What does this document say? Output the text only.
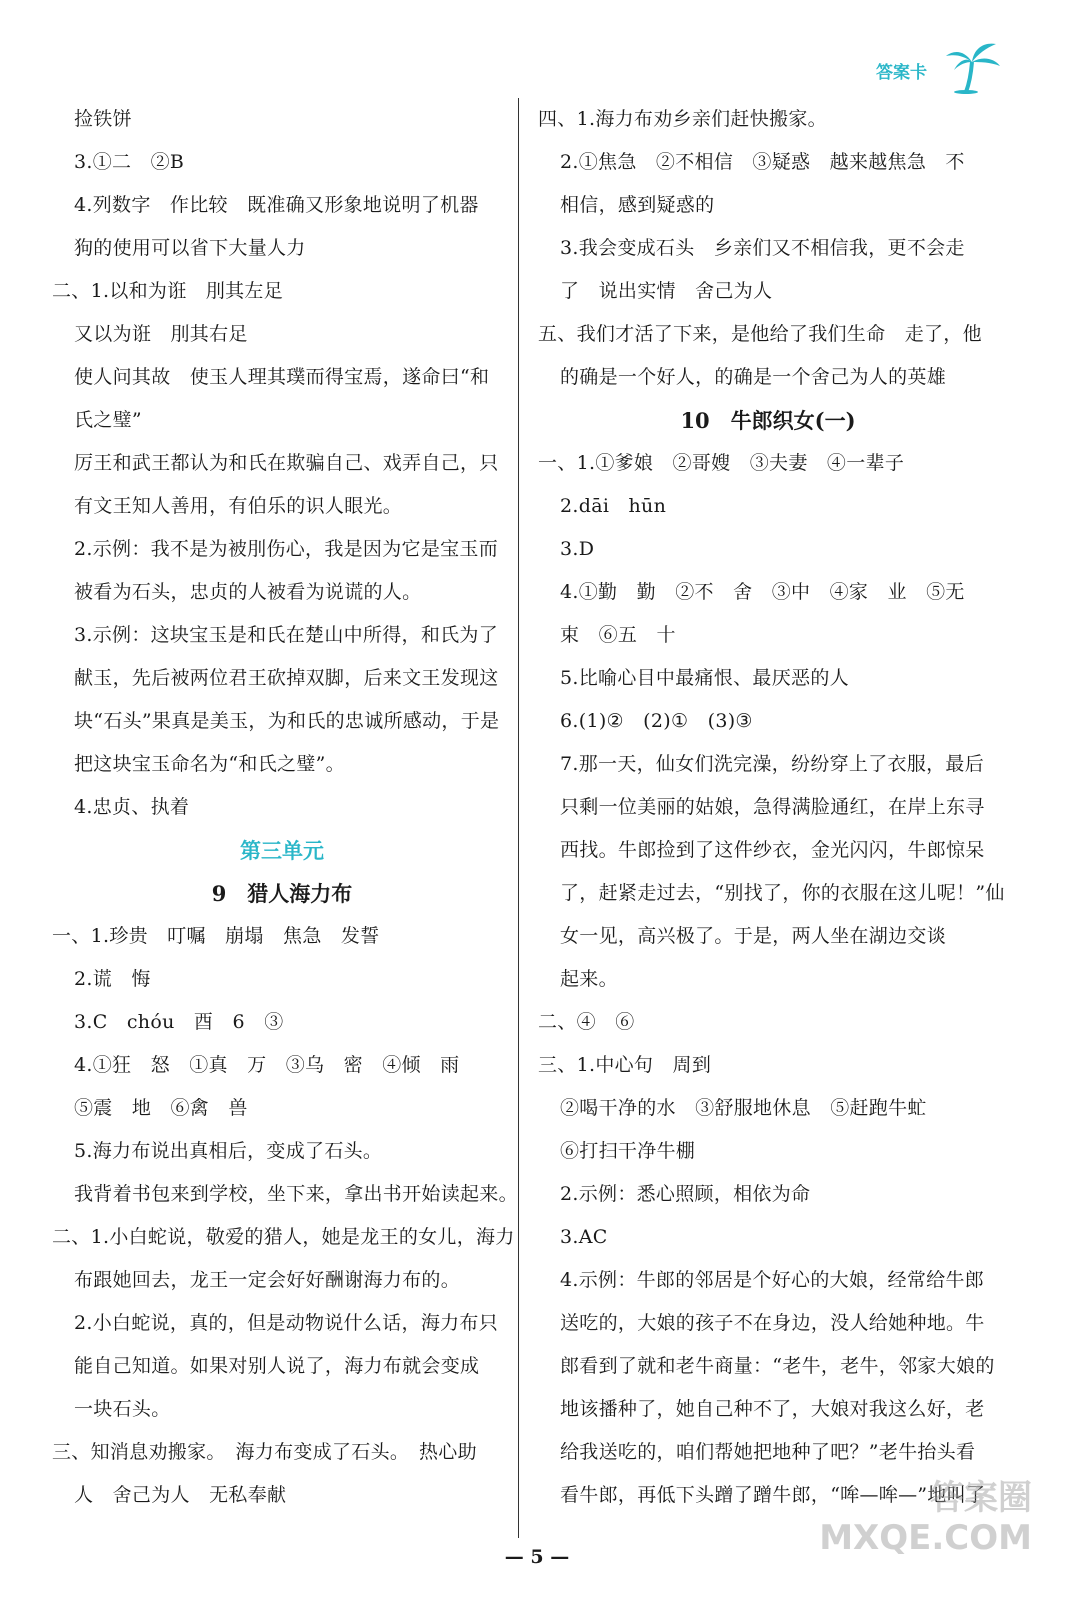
答案卡
捡铁饼
3.①二　②B
4.列数字　作比较　既准确又形象地说明了机器
狗的使用可以省下大量人力
二、1.以和为诳　刖其左足
又以为诳　刖其右足
使人问其故　使玉人理其璞而得宝焉，遂命曰“和
氏之璧”
厉王和武王都认为和氏在欺骗自己、戏弄自己，只
有文王知人善用，有伯乐的识人眼光。
2.示例：我不是为被刖伤心，我是因为它是宝玉而
被看为石头，忠贞的人被看为说谎的人。
3.示例：这块宝玉是和氏在楚山中所得，和氏为了
献玉，先后被两位君王砍掉双脚，后来文王发现这
块“石头”果真是美玉，为和氏的忠诚所感动，于是
把这块宝玉命名为“和氏之璧”。
4.忠贞、执着
第三单元
9　猎人海力布
一、1.珍贵　叮嘱　崩塌　焦急　发誓
2.谎　悔
3.C　chóu　酉　6　③
4.①狂　怒　①真　万　③乌　密　④倾　雨
⑤震　地　⑥禽　兽
5.海力布说出真相后，变成了石头。
我背着书包来到学校，坐下来，拿出书开始读起来。
二、1.小白蛇说，敬爱的猎人，她是龙王的女儿，海力
布跟她回去，龙王一定会好好酬谢海力布的。
2.小白蛇说，真的，但是动物说什么话，海力布只
能自己知道。如果对别人说了，海力布就会变成
一块石头。
三、知消息劝搬家。　海力布变成了石头。　热心助
人　舍己为人　无私奉献
四、1.海力布劝乡亲们赶快搬家。
2.①焦急　②不相信　③疑惑　越来越焦急　不
相信，感到疑惑的
3.我会变成石头　乡亲们又不相信我，更不会走
了　说出实情　舍己为人
五、我们才活了下来，是他给了我们生命　走了，他
的确是一个好人，的确是一个舍己为人的英雄
10　牛郎织女(一)
一、1.①爹娘　②哥嫂　③夫妻　④一辈子
2.dāi　hūn
3.D
4.①勤　勤　②不　舍　③中　④家　业　⑤无
束　⑥五　十
5.比喻心目中最痛恨、最厌恶的人
6.(1)②　(2)①　(3)③
7.那一天，仙女们洗完澡，纷纷穿上了衣服，最后
只剩一位美丽的姑娘，急得满脸通红，在岸上东寻
西找。牛郎捡到了这件纱衣，金光闪闪，牛郎惊呆
了，赶紧走过去，“别找了，你的衣服在这儿呢！”仙
女一见，高兴极了。于是，两人坐在湖边交谈
起来。
二、④　⑥
三、1.中心句　周到
②喝干净的水　③舒服地休息　⑤赶跑牛虻
⑥打扫干净牛棚
2.示例：悉心照顾，相依为命
3.AC
4.示例：牛郎的邻居是个好心的大娘，经常给牛郎
送吃的，大娘的孩子不在身边，没人给她种地。牛
郎看到了就和老牛商量：“老牛，老牛，邻家大娘的
地该播种了，她自己种不了，大娘对我这么好，老
给我送吃的，咱们帮她把地种了吧？”老牛抬头看
看牛郎，再低下头蹭了蹭牛郎，“哞—哞—”地叫了
— 5 —
答案圈
MXQE.COM
